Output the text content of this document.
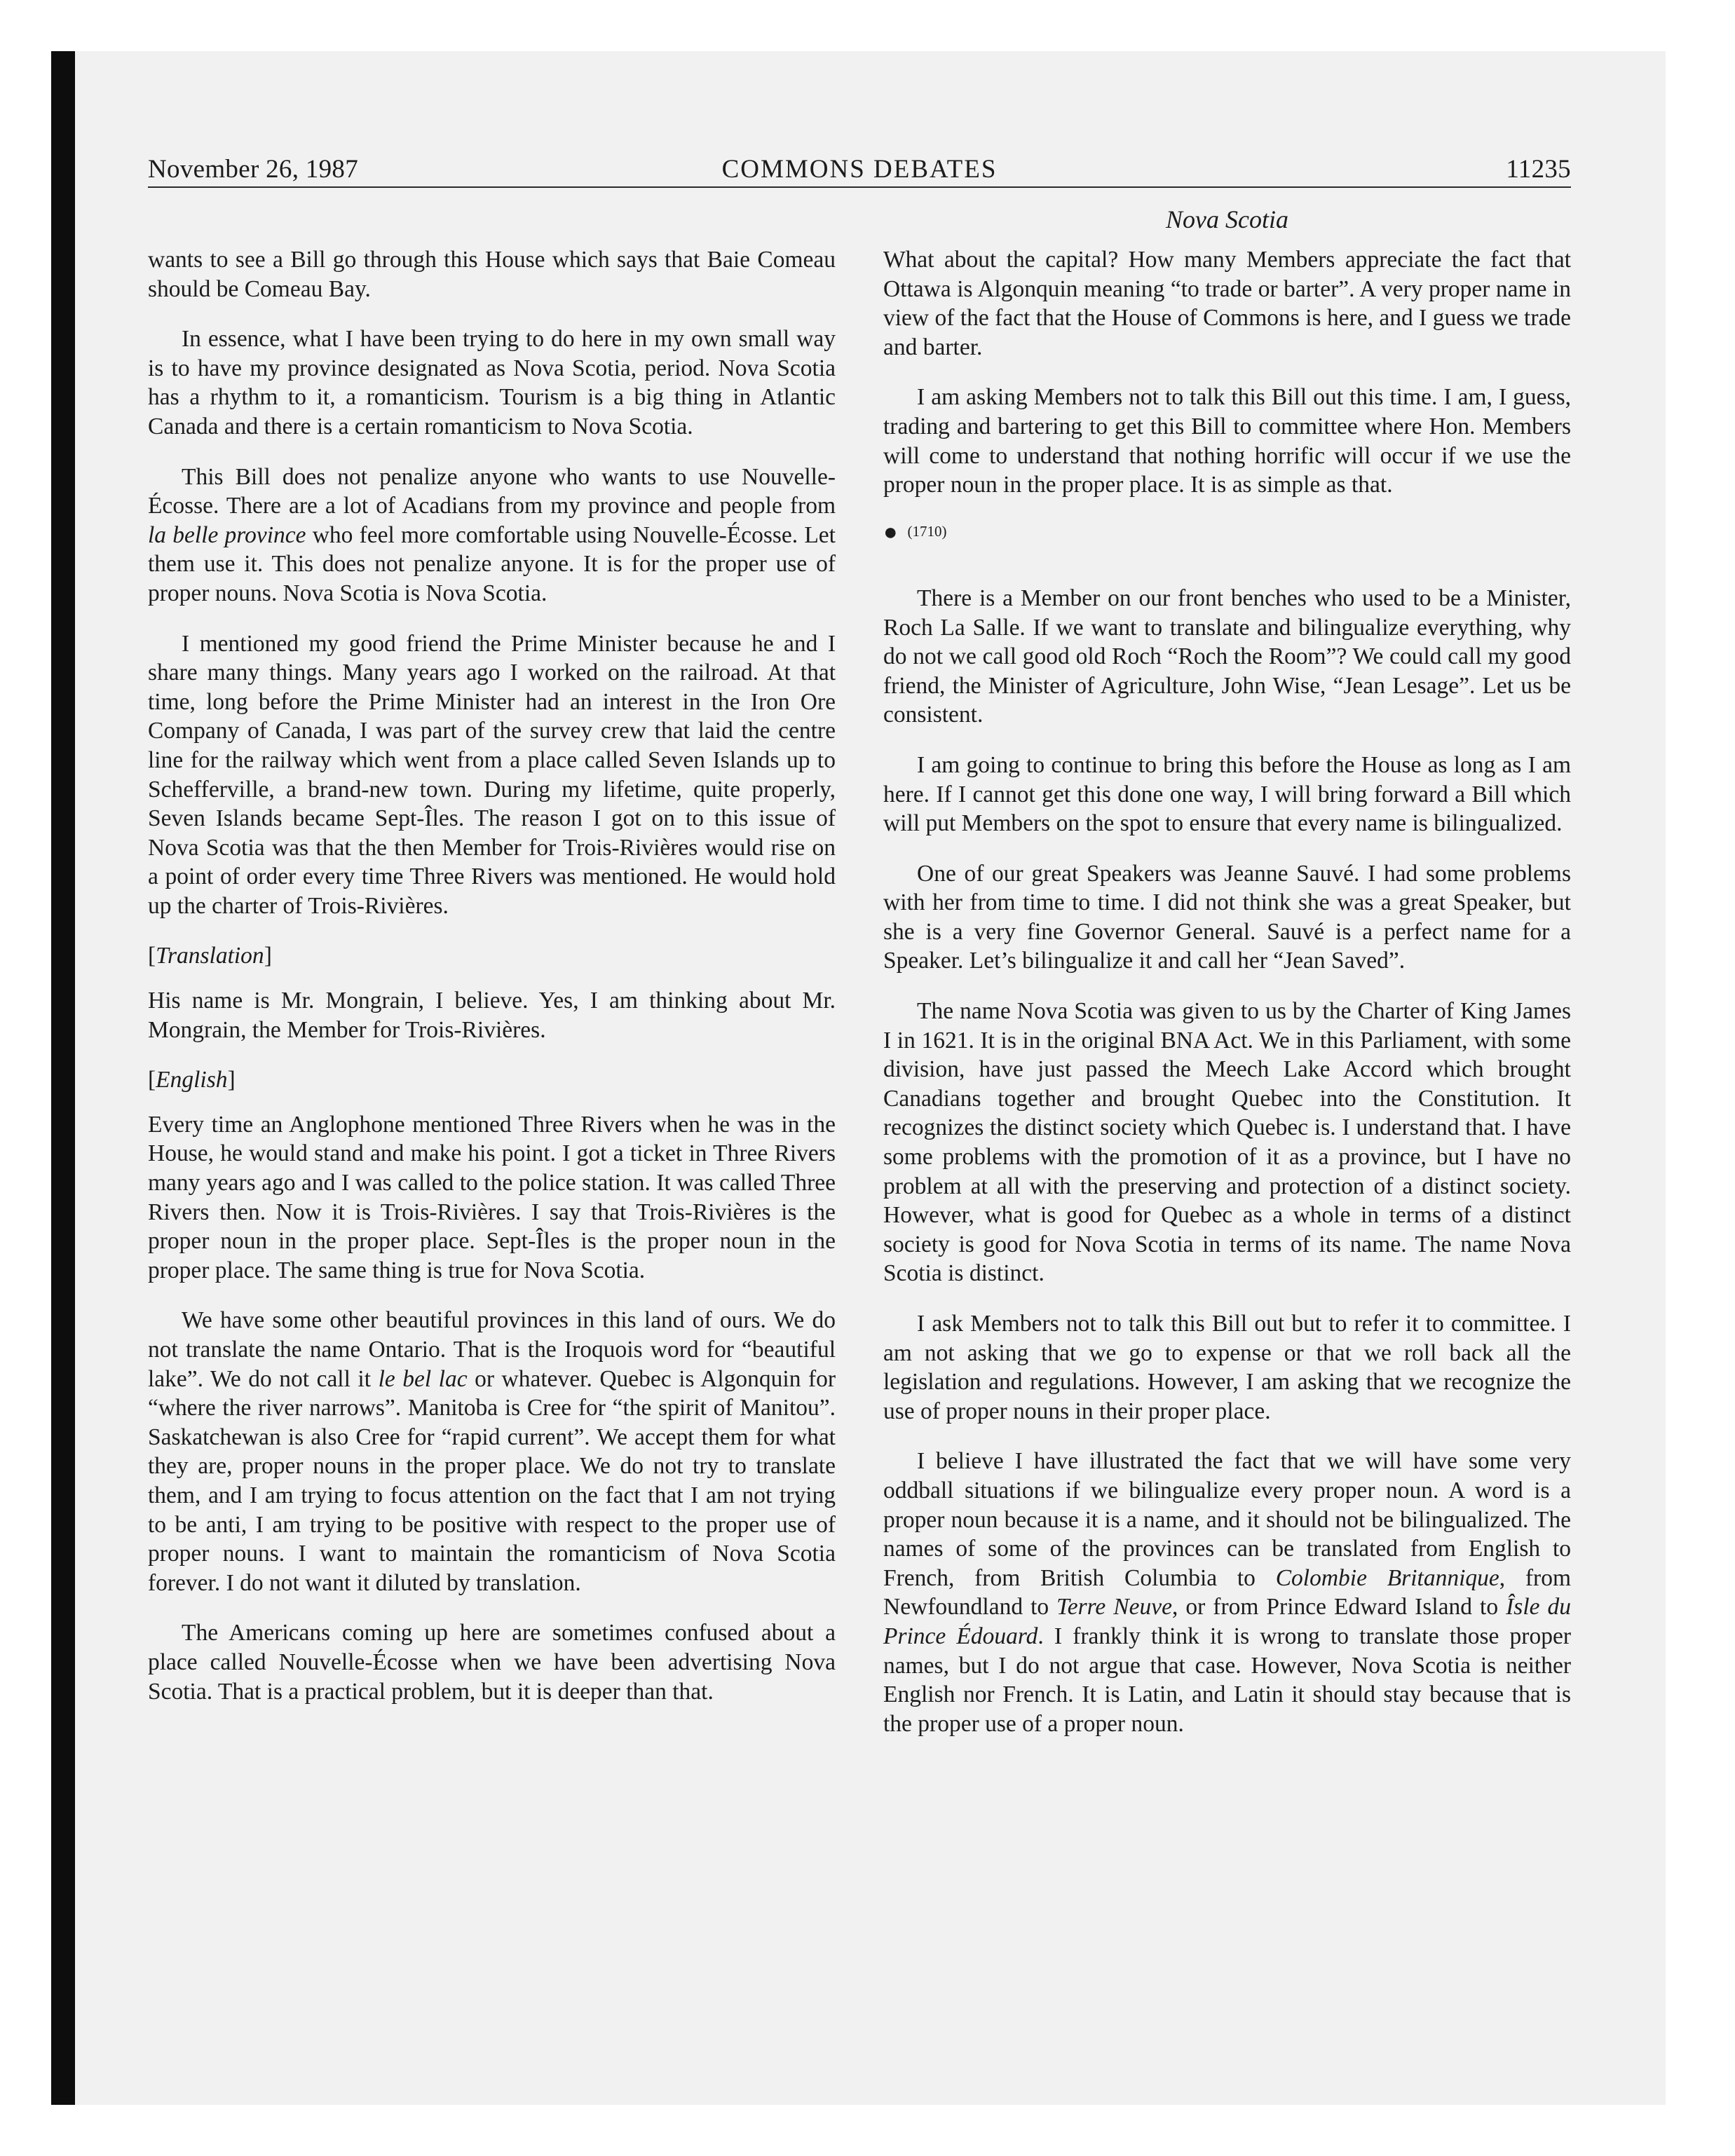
November 26, 1987	COMMONS DEBATES	11235
Nova Scotia

wants to see a Bill go through this House which says that Baie Comeau should be Comeau Bay.

In essence, what I have been trying to do here in my own small way is to have my province designated as Nova Scotia, period. Nova Scotia has a rhythm to it, a romanticism. Tourism is a big thing in Atlantic Canada and there is a certain romanticism to Nova Scotia.

This Bill does not penalize anyone who wants to use Nouvelle-Écosse. There are a lot of Acadians from my province and people from la belle province who feel more comfortable using Nouvelle-Écosse. Let them use it. This does not penalize anyone. It is for the proper use of proper nouns. Nova Scotia is Nova Scotia.

I mentioned my good friend the Prime Minister because he and I share many things. Many years ago I worked on the railroad. At that time, long before the Prime Minister had an interest in the Iron Ore Company of Canada, I was part of the survey crew that laid the centre line for the railway which went from a place called Seven Islands up to Schefferville, a brand-new town. During my lifetime, quite properly, Seven Islands became Sept-Îles. The reason I got on to this issue of Nova Scotia was that the then Member for Trois-Rivières would rise on a point of order every time Three Rivers was mentioned. He would hold up the charter of Trois-Rivières.

[Translation]

His name is Mr. Mongrain, I believe. Yes, I am thinking about Mr. Mongrain, the Member for Trois-Rivières.

[English]

Every time an Anglophone mentioned Three Rivers when he was in the House, he would stand and make his point. I got a ticket in Three Rivers many years ago and I was called to the police station. It was called Three Rivers then. Now it is Trois-Rivières. I say that Trois-Rivières is the proper noun in the proper place. Sept-Îles is the proper noun in the proper place. The same thing is true for Nova Scotia.

We have some other beautiful provinces in this land of ours. We do not translate the name Ontario. That is the Iroquois word for “beautiful lake”. We do not call it le bel lac or whatever. Quebec is Algonquin for “where the river narrows”. Manitoba is Cree for “the spirit of Manitou”. Saskatchewan is also Cree for “rapid current”. We accept them for what they are, proper nouns in the proper place. We do not try to translate them, and I am trying to focus attention on the fact that I am not trying to be anti, I am trying to be positive with respect to the proper use of proper nouns. I want to maintain the romanticism of Nova Scotia forever. I do not want it diluted by translation.

The Americans coming up here are sometimes confused about a place called Nouvelle-Écosse when we have been advertising Nova Scotia. That is a practical problem, but it is deeper than that.

What about the capital? How many Members appreciate the fact that Ottawa is Algonquin meaning “to trade or barter”. A very proper name in view of the fact that the House of Commons is here, and I guess we trade and barter.

I am asking Members not to talk this Bill out this time. I am, I guess, trading and bartering to get this Bill to committee where Hon. Members will come to understand that nothing horrific will occur if we use the proper noun in the proper place. It is as simple as that.

● (1710)

There is a Member on our front benches who used to be a Minister, Roch La Salle. If we want to translate and bilingualize everything, why do not we call good old Roch “Roch the Room”? We could call my good friend, the Minister of Agriculture, John Wise, “Jean Lesage”. Let us be consistent.

I am going to continue to bring this before the House as long as I am here. If I cannot get this done one way, I will bring forward a Bill which will put Members on the spot to ensure that every name is bilingualized.

One of our great Speakers was Jeanne Sauvé. I had some problems with her from time to time. I did not think she was a great Speaker, but she is a very fine Governor General. Sauvé is a perfect name for a Speaker. Let’s bilingualize it and call her “Jean Saved”.

The name Nova Scotia was given to us by the Charter of King James I in 1621. It is in the original BNA Act. We in this Parliament, with some division, have just passed the Meech Lake Accord which brought Canadians together and brought Quebec into the Constitution. It recognizes the distinct society which Quebec is. I understand that. I have some problems with the promotion of it as a province, but I have no problem at all with the preserving and protection of a distinct society. However, what is good for Quebec as a whole in terms of a distinct society is good for Nova Scotia in terms of its name. The name Nova Scotia is distinct.

I ask Members not to talk this Bill out but to refer it to committee. I am not asking that we go to expense or that we roll back all the legislation and regulations. However, I am asking that we recognize the use of proper nouns in their proper place.

I believe I have illustrated the fact that we will have some very oddball situations if we bilingualize every proper noun. A word is a proper noun because it is a name, and it should not be bilingualized. The names of some of the provinces can be translated from English to French, from British Columbia to Colombie Britannique, from Newfoundland to Terre Neuve, or from Prince Edward Island to Îsle du Prince Édouard. I frankly think it is wrong to translate those proper names, but I do not argue that case. However, Nova Scotia is neither English nor French. It is Latin, and Latin it should stay because that is the proper use of a proper noun.
